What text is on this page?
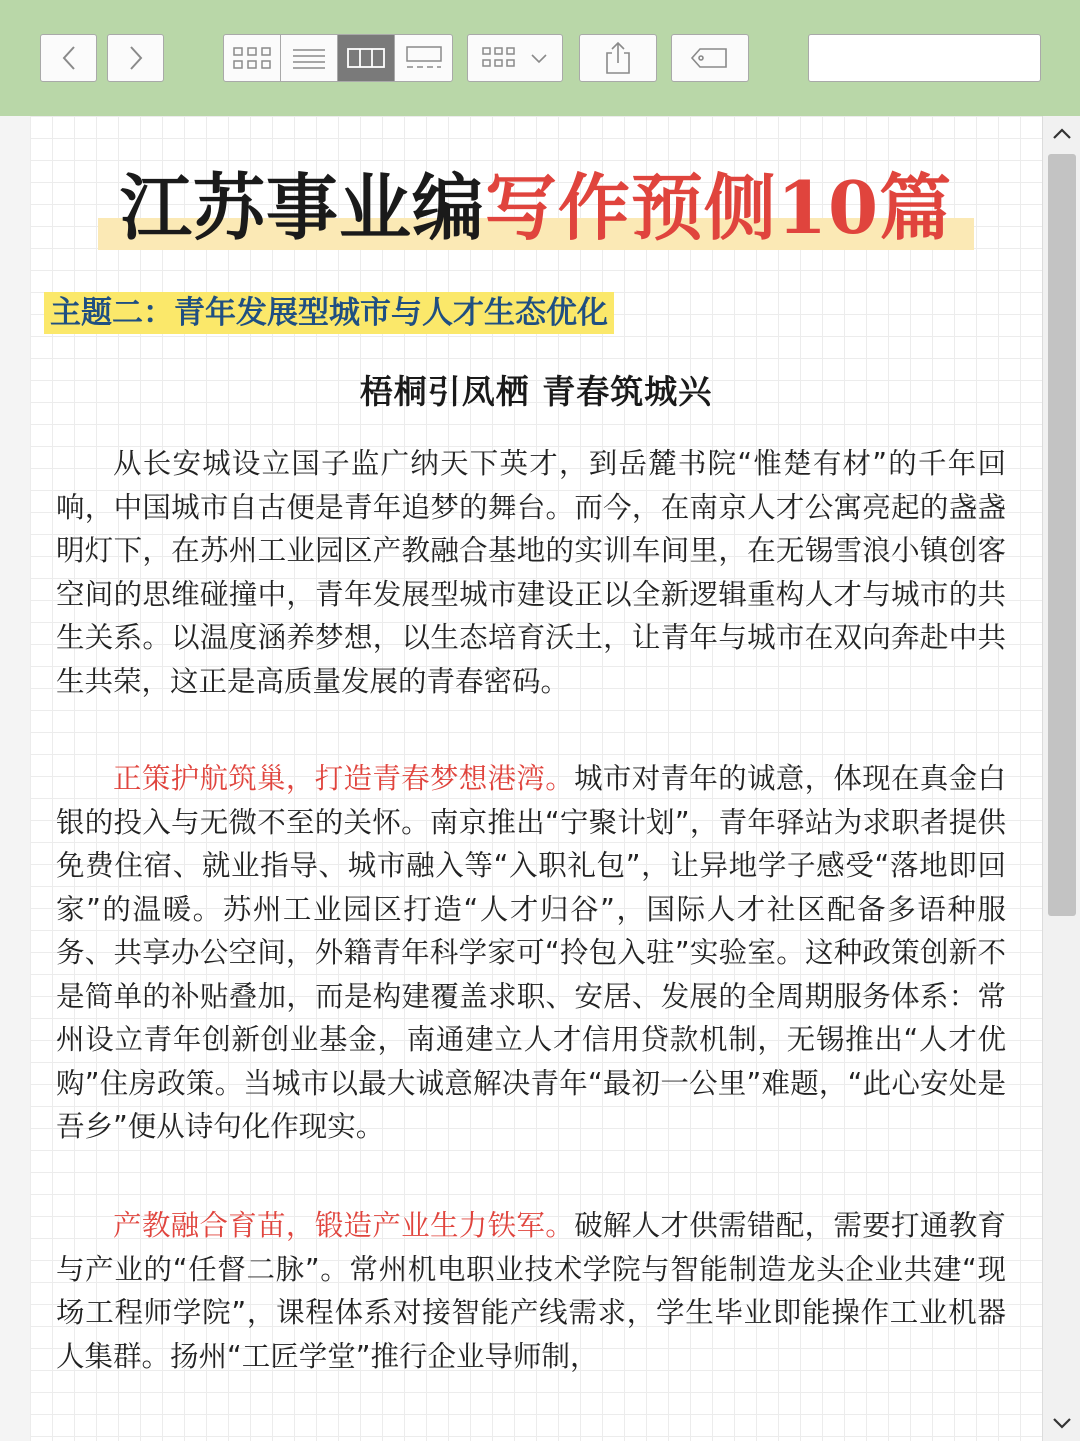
江苏事业编写作预侧10篇
主题二：青年发展型城市与人才生态优化
梧桐引凤栖 青春筑城兴

从长安城设立国子监广纳天下英才，到岳麓书院“惟楚有材”的千年回响，中国城市自古便是青年追梦的舞台。而今，在南京人才公寓亮起的盏盏明灯下，在苏州工业园区产教融合基地的实训车间里，在无锡雪浪小镇创客空间的思维碰撞中，青年发展型城市建设正以全新逻辑重构人才与城市的共生关系。以温度涵养梦想，以生态培育沃土，让青年与城市在双向奔赴中共生共荣，这正是高质量发展的青春密码。

正策护航筑巢，打造青春梦想港湾。城市对青年的诚意，体现在真金白银的投入与无微不至的关怀。南京推出“宁聚计划”，青年驿站为求职者提供免费住宿、就业指导、城市融入等“入职礼包”，让异地学子感受“落地即回家”的温暖。苏州工业园区打造“人才归谷”，国际人才社区配备多语种服务、共享办公空间，外籍青年科学家可“拎包入驻”实验室。这种政策创新不是简单的补贴叠加，而是构建覆盖求职、安居、发展的全周期服务体系：常州设立青年创新创业基金，南通建立人才信用贷款机制，无锡推出“人才优购”住房政策。当城市以最大诚意解决青年“最初一公里”难题，“此心安处是吾乡”便从诗句化作现实。

产教融合育苗，锻造产业生力铁军。破解人才供需错配，需要打通教育与产业的“任督二脉”。常州机电职业技术学院与智能制造龙头企业共建“现场工程师学院”，课程体系对接智能产线需求，学生毕业即能操作工业机器人集群。扬州“工匠学堂”推行企业导师制，
